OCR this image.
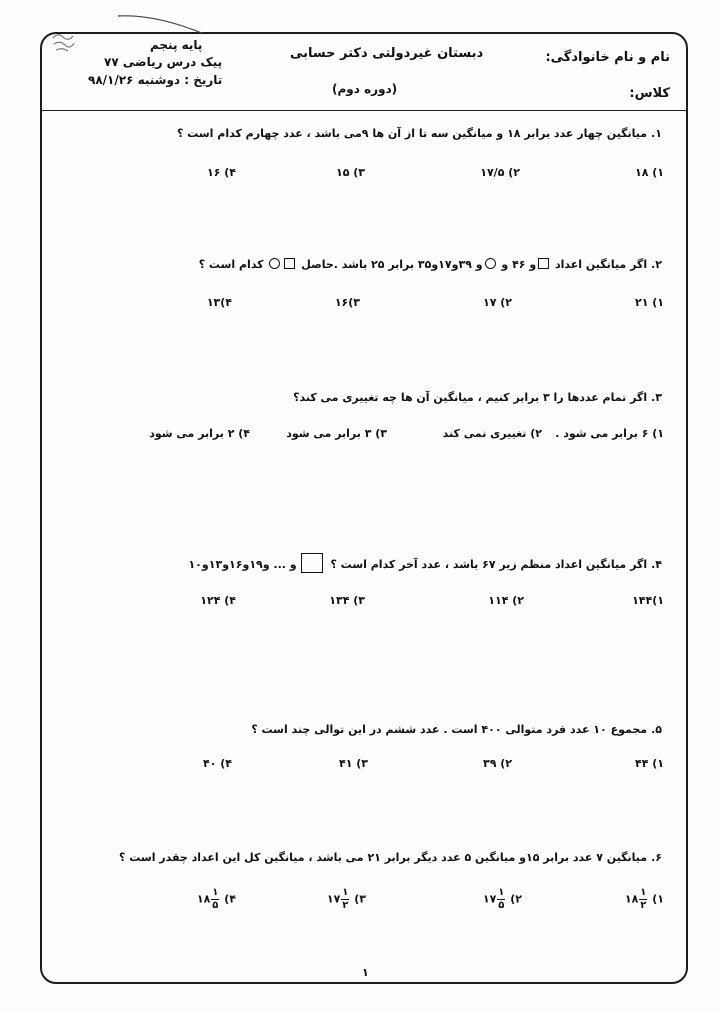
پایه پنجم
پیک درس ریاضی ۷۷
تاریخ : دوشنبه ۹۸/۱/۲۶
دبستان غیردولتی دکتر حسابی
(دوره دوم)
نام و نام خانوادگی:
کلاس:
۱.میانگین چهار عدد برابر ۱۸ و میانگین سه تا از آن ها ۹می باشد ، عدد چهارم کدام است ؟
۱) ۱۸
۲) ۱۷/۵
۳) ۱۵
۴) ۱۶
۲.اگر میانگین اعداد و ۴۶ و و ۳۹و۱۷و۳۵ برابر ۲۵ باشد .حاصل  کدام است ؟
۱) ۲۱
۲) ۱۷
۳)۱۶
۴)۱۳
۳.اگر تمام عددها را ۳ برابر کنیم ، میانگین آن ها چه تغییری می کند؟
۱) ۶ برابر می شود .
۲) تغییری نمی کند
۳) ۳ برابر می شود
۴) ۲ برابر می شود
۴.اگر میانگین اعداد منظم زیر ۶۷ باشد ، عدد آخر کدام است ؟ و ... و۱۹و۱۶و۱۳و۱۰
۱)۱۴۴
۲) ۱۱۴
۳) ۱۳۴
۴) ۱۲۴
۵.مجموع ۱۰ عدد فرد متوالی ۴۰۰ است . عدد ششم در این توالی چند است ؟
۱) ۴۴
۲) ۳۹
۳) ۴۱
۴) ۴۰
۶.میانگین ۷ عدد برابر ۱۵و میانگین ۵ عدد دیگر برابر ۲۱ می باشد ، میانگین کل این اعداد چقدر است ؟
۱)
$\frac{۱}{۲}$
۱۸
۲)
$\frac{۱}{۵}$
۱۷
۳)
$\frac{۱}{۲}$
۱۷
۴)
$\frac{۱}{۵}$
۱۸
۱
